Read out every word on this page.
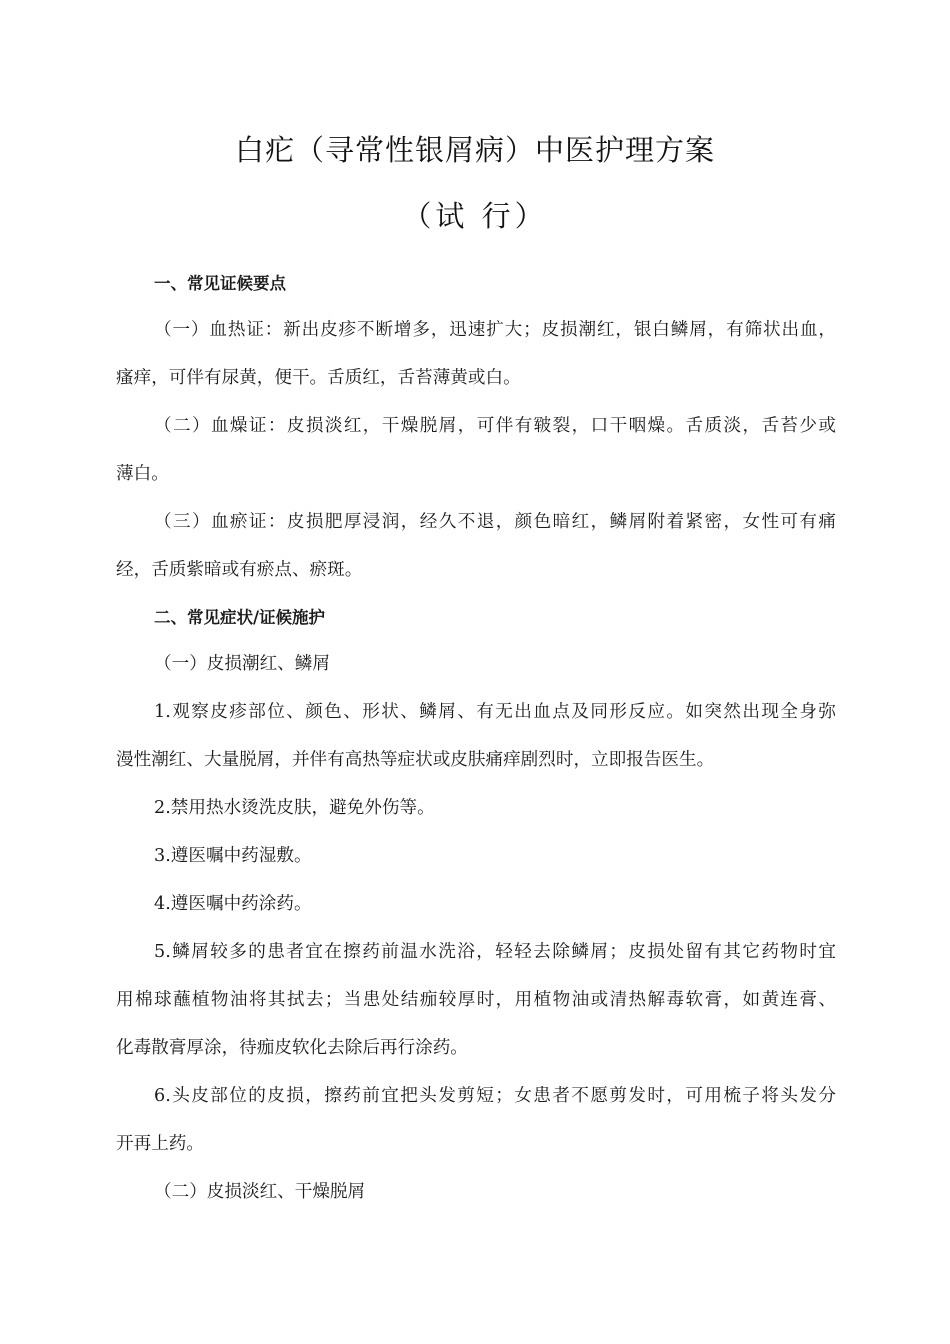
白疕（寻常性银屑病）中医护理方案
（试 行）

一、常见证候要点

（一）血热证：新出皮疹不断增多，迅速扩大；皮损潮红，银白鳞屑，有筛状出血，

瘙痒，可伴有尿黄，便干。舌质红，舌苔薄黄或白。

（二）血燥证：皮损淡红，干燥脱屑，可伴有皲裂，口干咽燥。舌质淡，舌苔少或

薄白。

（三）血瘀证：皮损肥厚浸润，经久不退，颜色暗红，鳞屑附着紧密，女性可有痛

经，舌质紫暗或有瘀点、瘀斑。

二、常见症状/证候施护

（一）皮损潮红、鳞屑

1.观察皮疹部位、颜色、形状、鳞屑、有无出血点及同形反应。如突然出现全身弥

漫性潮红、大量脱屑，并伴有高热等症状或皮肤痛痒剧烈时，立即报告医生。

2.禁用热水烫洗皮肤，避免外伤等。

3.遵医嘱中药湿敷。

4.遵医嘱中药涂药。

5.鳞屑较多的患者宜在擦药前温水洗浴，轻轻去除鳞屑；皮损处留有其它药物时宜

用棉球蘸植物油将其拭去；当患处结痂较厚时，用植物油或清热解毒软膏，如黄连膏、

化毒散膏厚涂，待痂皮软化去除后再行涂药。

6.头皮部位的皮损，擦药前宜把头发剪短；女患者不愿剪发时，可用梳子将头发分

开再上药。

（二）皮损淡红、干燥脱屑
